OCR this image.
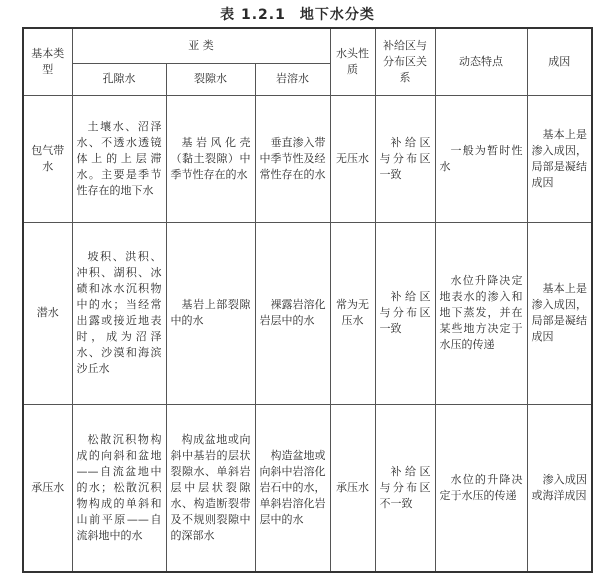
表 1.2.1 地下水分类
基本类型	亚 类			水头性质	补给区与分布区关系	动态特点	成因
	孔隙水	裂隙水	岩溶水				
包气带水	土壤水、沼泽水、不透水透镜体上的上层滞水。主要是季节性存在的地下水	基岩风化壳（黏土裂隙）中季节性存在的水	垂直渗入带中季节性及经常性存在的水	无压水	补给区与分布区一致	一般为暂时性水	基本上是渗入成因，局部是凝结成因
潜水	坡积、洪积、冲积、湖积、冰碛和冰水沉积物中的水；当经常出露或接近地表时，成为沼泽水、沙漠和海滨沙丘水	基岩上部裂隙中的水	裸露岩溶化岩层中的水	常为无压水	补给区与分布区一致	水位升降决定地表水的渗入和地下蒸发，并在某些地方决定于水压的传递	基本上是渗入成因，局部是凝结成因
承压水	松散沉积物构成的向斜和盆地——自流盆地中的水；松散沉积物构成的单斜和山前平原——自流斜地中的水	构成盆地或向斜中基岩的层状裂隙水、单斜岩层中层状裂隙水、构造断裂带及不规则裂隙中的深部水	构造盆地或向斜中岩溶化岩石中的水，单斜岩溶化岩层中的水	承压水	补给区与分布区不一致	水位的升降决定于水压的传递	渗入成因或海洋成因
